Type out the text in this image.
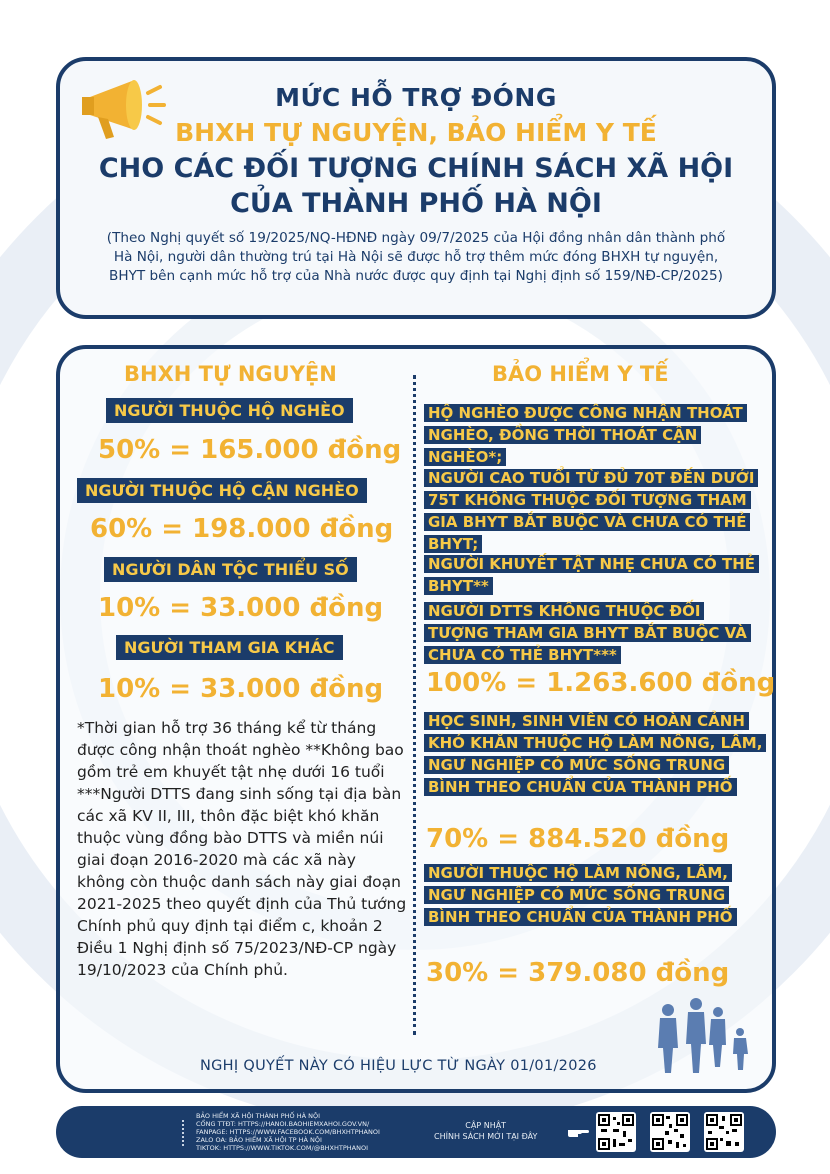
MỨC HỖ TRỢ ĐÓNG
BHXH TỰ NGUYỆN, BẢO HIỂM Y TẾ
CHO CÁC ĐỐI TƯỢNG CHÍNH SÁCH XÃ HỘI
CỦA THÀNH PHỐ HÀ NỘI
(Theo Nghị quyết số 19/2025/NQ-HĐNĐ ngày 09/7/2025 của Hội đồng nhân dân thành phố Hà Nội, người dân thường trú tại Hà Nội sẽ được hỗ trợ thêm mức đóng BHXH tự nguyện, BHYT bên cạnh mức hỗ trợ của Nhà nước được quy định tại Nghị định số 159/NĐ-CP/2025)
BHXH TỰ NGUYỆN
NGƯỜI THUỘC HỘ NGHÈO
50% = 165.000 đồng
NGƯỜI THUỘC HỘ CẬN NGHÈO
60% = 198.000 đồng
NGƯỜI DÂN TỘC THIỂU SỐ
10% = 33.000 đồng
NGƯỜI THAM GIA KHÁC
10% = 33.000 đồng
*Thời gian hỗ trợ 36 tháng kể từ tháng được công nhận thoát nghèo **Không bao gồm trẻ em khuyết tật nhẹ dưới 16 tuổi ***Người DTTS đang sinh sống tại địa bàn các xã KV II, III, thôn đặc biệt khó khăn thuộc vùng đồng bào DTTS và miền núi giai đoạn 2016-2020 mà các xã này không còn thuộc danh sách này giai đoạn 2021-2025 theo quyết định của Thủ tướng Chính phủ quy định tại điểm c, khoản 2 Điều 1 Nghị định số 75/2023/NĐ-CP ngày 19/10/2023 của Chính phủ.
BẢO HIỂM Y TẾ
HỘ NGHÈO ĐƯỢC CÔNG NHẬN THOÁT NGHÈO, ĐỒNG THỜI THOÁT CẬN NGHÈO*;
NGƯỜI CAO TUỔI TỪ ĐỦ 70T ĐẾN DƯỚI 75T KHÔNG THUỘC ĐỐI TƯỢNG THAM GIA BHYT BẮT BUỘC VÀ CHƯA CÓ THẺ BHYT;
NGƯỜI KHUYẾT TẬT NHẸ CHƯA CÓ THẺ BHYT**
NGƯỜI DTTS KHÔNG THUỘC ĐỐI TƯỢNG THAM GIA BHYT BẮT BUỘC VÀ CHƯA CÓ THẺ BHYT***
100% = 1.263.600 đồng
HỌC SINH, SINH VIÊN CÓ HOÀN CẢNH KHÓ KHĂN THUỘC HỘ LÀM NÔNG, LÂM, NGƯ NGHIỆP CÓ MỨC SỐNG TRUNG BÌNH THEO CHUẨN CỦA THÀNH PHỐ
70% = 884.520 đồng
NGƯỜI THUỘC HỘ LÀM NÔNG, LÂM, NGƯ NGHIỆP CÓ MỨC SỐNG TRUNG BÌNH THEO CHUẨN CỦA THÀNH PHỐ
30% = 379.080 đồng
NGHỊ QUYẾT NÀY CÓ HIỆU LỰC TỪ NGÀY 01/01/2026
BẢO HIỂM XÃ HỘI THÀNH PHỐ HÀ NỘI
CỔNG TTĐT: HTTPS://HANOI.BAOHIEMXAHOI.GOV.VN/
FANPAGE: HTTPS://WWW.FACEBOOK.COM/BHXHTPHANOI
ZALO OA: BẢO HIỂM XÃ HỘI TP HÀ NỘI
TIKTOK: HTTPS://WWW.TIKTOK.COM/@BHXHTPHANOI
CẬP NHẬT
CHÍNH SÁCH MỚI TẠI ĐÂY
